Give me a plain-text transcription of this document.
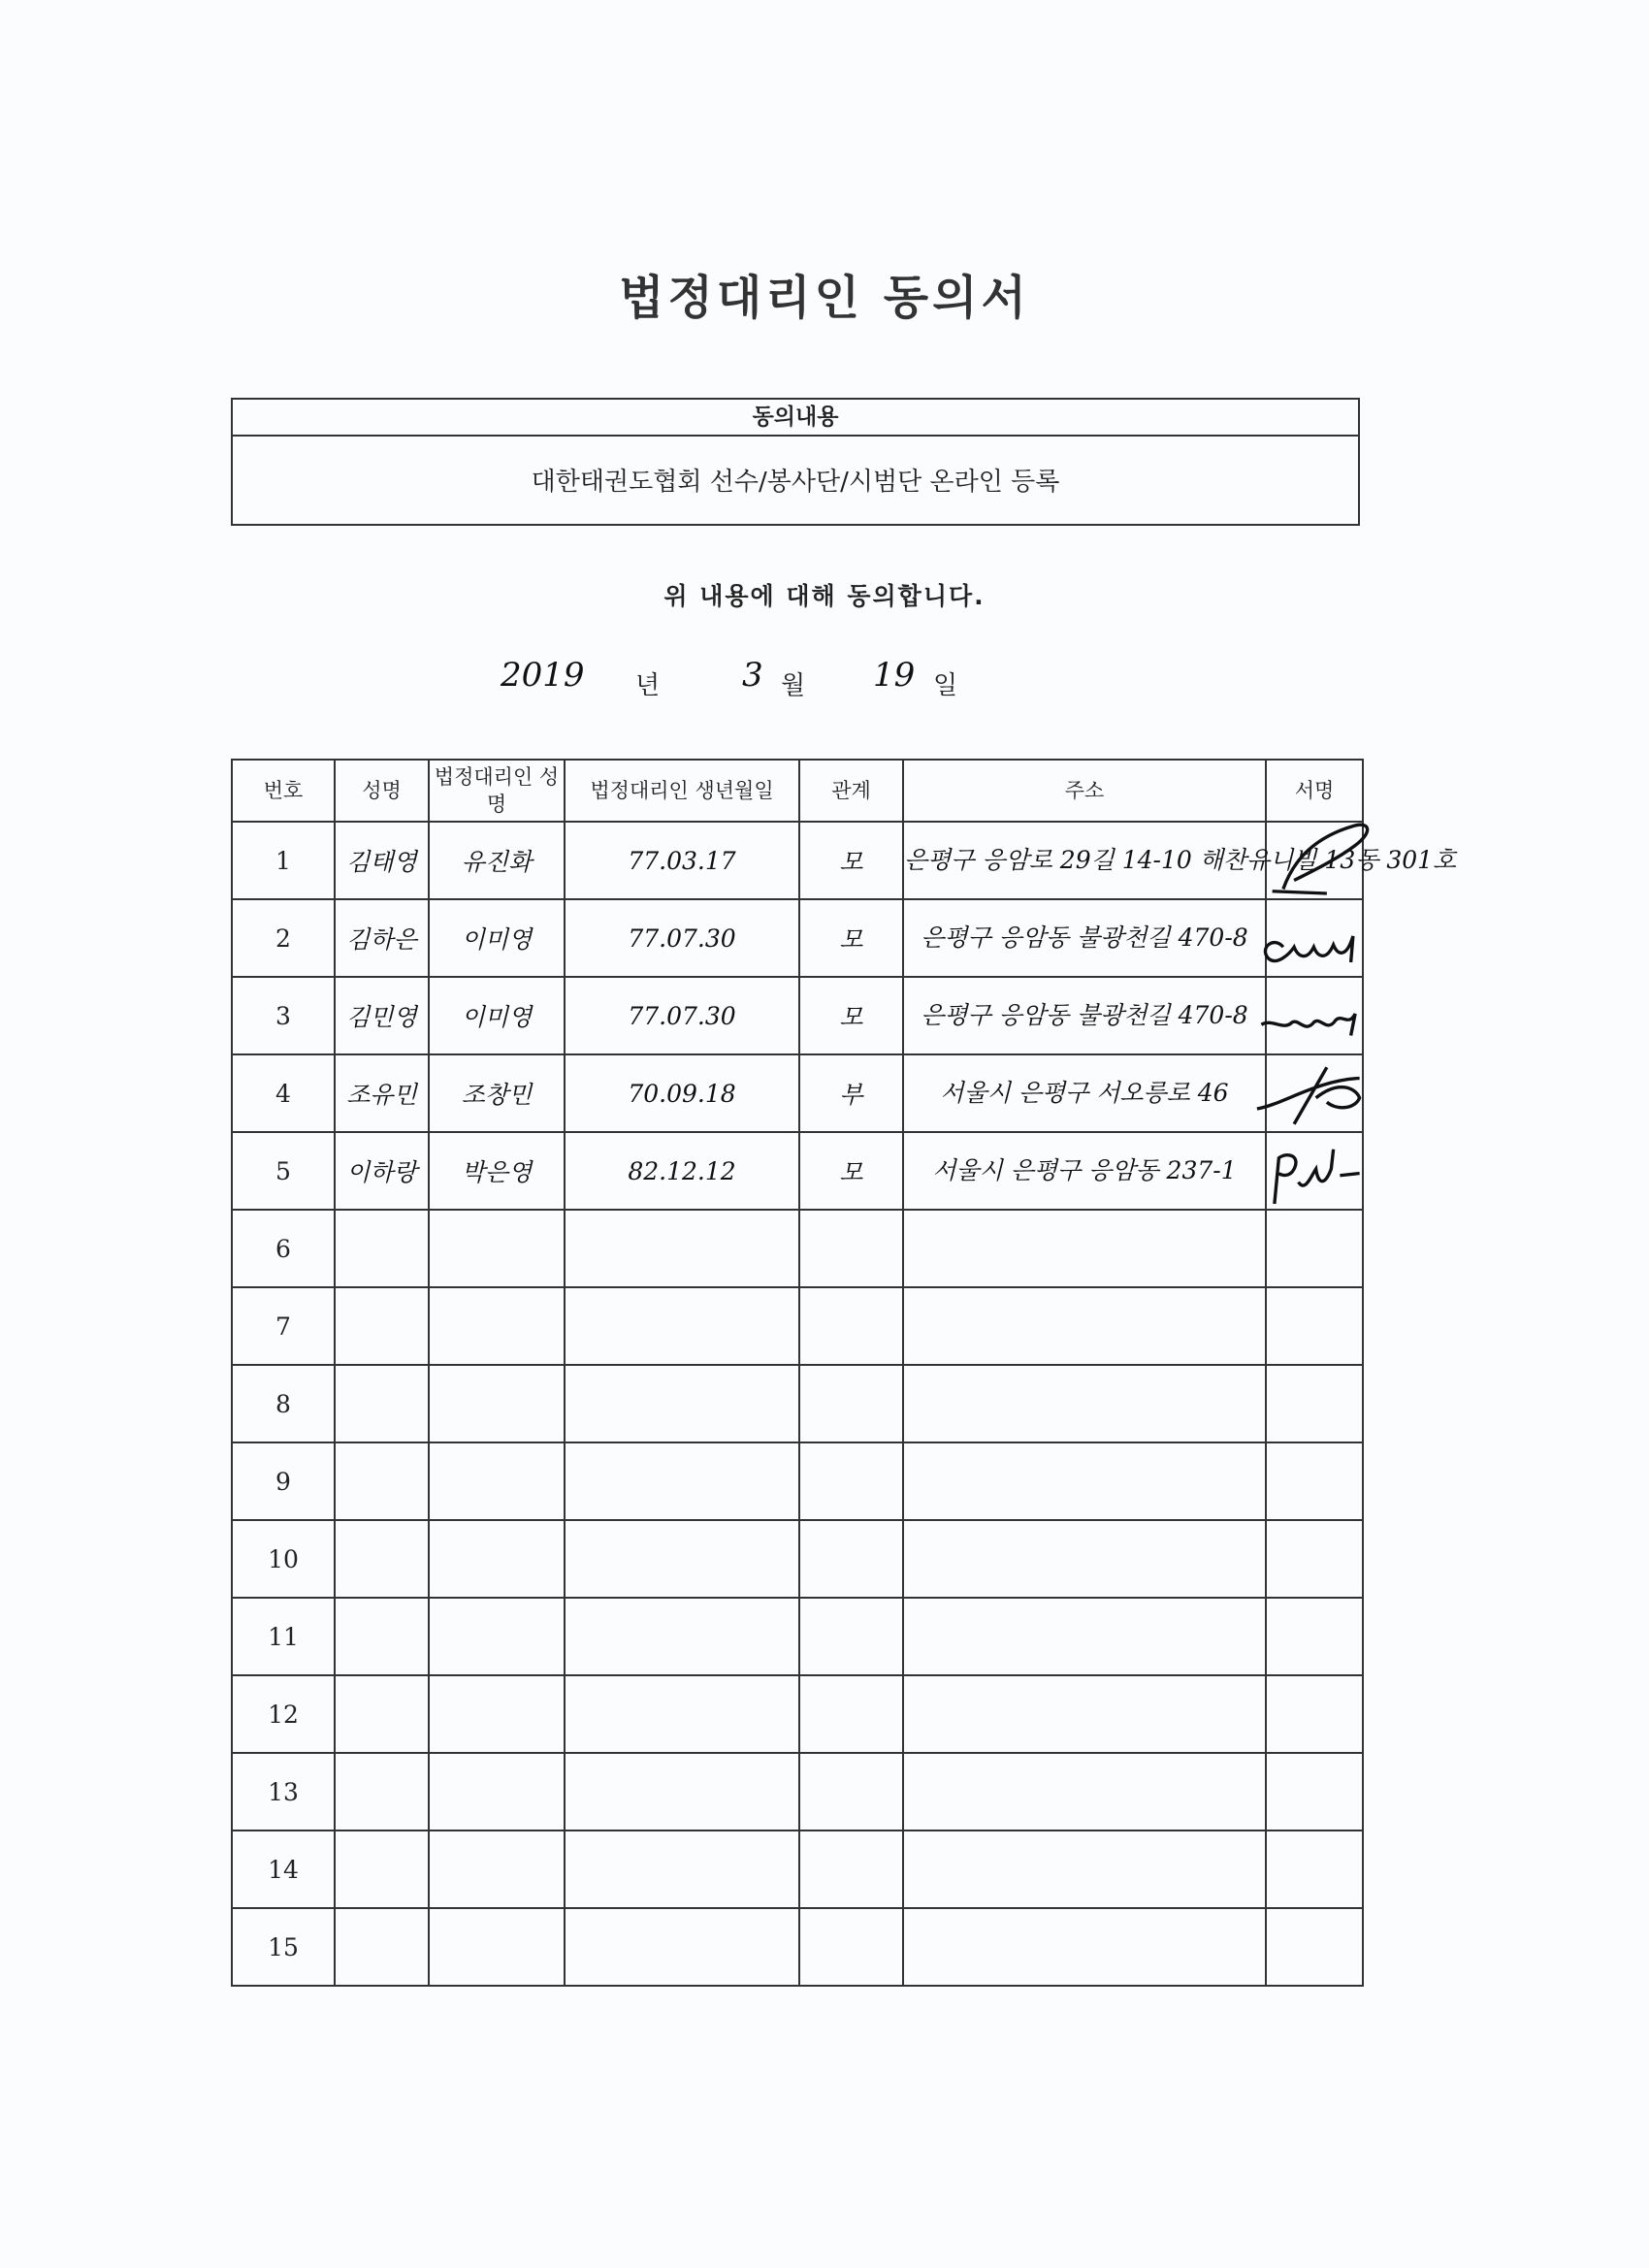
법정대리인 동의서
동의내용
대한태권도협회 선수/봉사단/시범단 온라인 등록
위 내용에 대해 동의합니다.
2019 년 3 월 19 일
번호	성명	법정대리인 성명	법정대리인 생년월일	관계	주소	서명
1	김태영	유진화	77.03.17	모	은평구 응암로 29길 14-10 해찬유니빌 13동 301호	

2	김하은	이미영	77.07.30	모	은평구 응암동 불광천길 470-8	

3	김민영	이미영	77.07.30	모	은평구 응암동 불광천길 470-8	

4	조유민	조창민	70.09.18	부	서울시 은평구 서오릉로 46	

5	이하랑	박은영	82.12.12	모	서울시 은평구 응암동 237-1	

6						
7						
8						
9						
10						
11						
12						
13						
14						
15						
